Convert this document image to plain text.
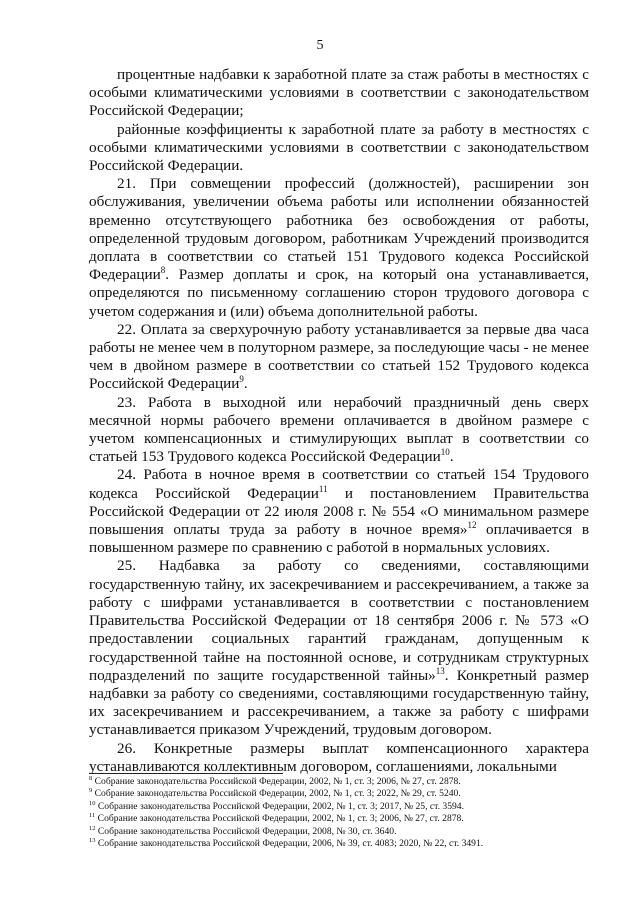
5

процентные надбавки к заработной плате за стаж работы в местностях с особыми климатическими условиями в соответствии с законодательством Российской Федерации;

районные коэффициенты к заработной плате за работу в местностях с особыми климатическими условиями в соответствии с законодательством Российской Федерации.

21. При совмещении профессий (должностей), расширении зон обслуживания, увеличении объема работы или исполнении обязанностей временно отсутствующего работника без освобождения от работы, определенной трудовым договором, работникам Учреждений производится доплата в соответствии со статьей 151 Трудового кодекса Российской Федерации$^8$. Размер доплаты и срок, на который она устанавливается, определяются по письменному соглашению сторон трудового договора с учетом содержания и (или) объема дополнительной работы.

22. Оплата за сверхурочную работу устанавливается за первые два часа работы не менее чем в полуторном размере, за последующие часы - не менее чем в двойном размере в соответствии со статьей 152 Трудового кодекса Российской Федерации$^9$.

23. Работа в выходной или нерабочий праздничный день сверх месячной нормы рабочего времени оплачивается в двойном размере с учетом компенсационных и стимулирующих выплат в соответствии со статьей 153 Трудового кодекса Российской Федерации$^{10}$.

24. Работа в ночное время в соответствии со статьей 154 Трудового кодекса Российской Федерации$^{11}$ и постановлением Правительства Российской Федерации от 22 июля 2008 г. № 554 «О минимальном размере повышения оплаты труда за работу в ночное время»$^{12}$ оплачивается в повышенном размере по сравнению с работой в нормальных условиях.

25. Надбавка за работу со сведениями, составляющими государственную тайну, их засекречиванием и рассекречиванием, а также за работу с шифрами устанавливается в соответствии с постановлением Правительства Российской Федерации от 18 сентября 2006 г. № 573 «О предоставлении социальных гарантий гражданам, допущенным к государственной тайне на постоянной основе, и сотрудникам структурных подразделений по защите государственной тайны»$^{13}$. Конкретный размер надбавки за работу со сведениями, составляющими государственную тайну, их засекречиванием и рассекречиванием, а также за работу с шифрами устанавливается приказом Учреждений, трудовым договором.

26. Конкретные размеры выплат компенсационного характера устанавливаются коллективным договором, соглашениями, локальными

$^8$ Собрание законодательства Российской Федерации, 2002, № 1, ст. 3; 2006, № 27, ст. 2878.

$^9$ Собрание законодательства Российской Федерации, 2002, № 1, ст. 3; 2022, № 29, ст. 5240.

$^{10}$ Собрание законодательства Российской Федерации, 2002, № 1, ст. 3; 2017, № 25, ст. 3594.

$^{11}$ Собрание законодательства Российской Федерации, 2002, № 1, ст. 3; 2006, № 27, ст. 2878.

$^{12}$ Собрание законодательства Российской Федерации, 2008, № 30, ст. 3640.

$^{13}$ Собрание законодательства Российской Федерации, 2006, № 39, ст. 4083; 2020, № 22, ст. 3491.
